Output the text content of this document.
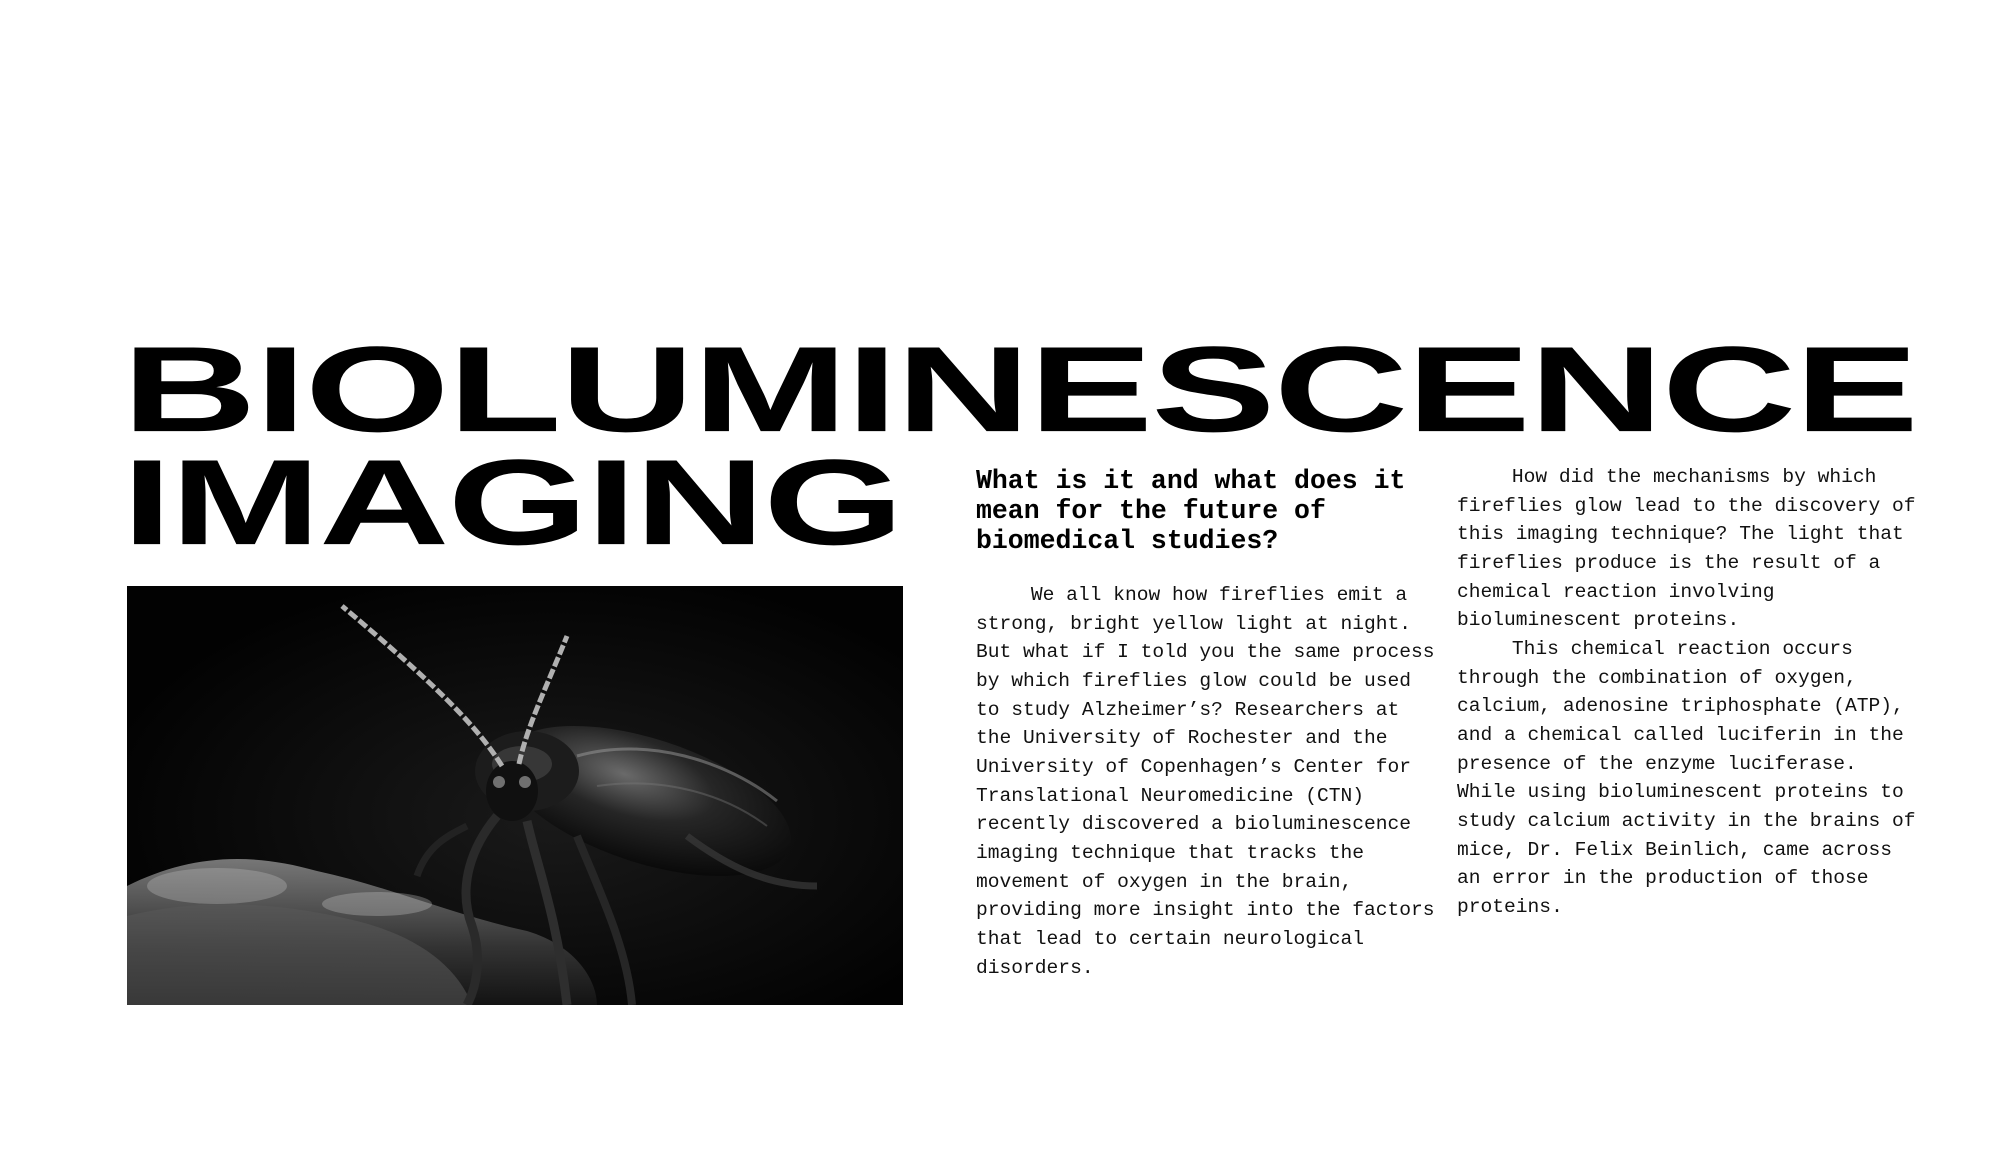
BIOLUMINESCENCE
IMAGING	What is it and what does it mean for the future of biomedical studies?

We all know how fireflies emit a strong, bright yellow light at night. But what if I told you the same process by which fireflies glow could be used to study Alzheimer’s? Researchers at the University of Rochester and the University of Copenhagen’s Center for Translational Neuromedicine (CTN) recently discovered a bioluminescence imaging technique that tracks the movement of oxygen in the brain, providing more insight into the factors that lead to certain neurological disorders.

How did the mechanisms by which fireflies glow lead to the discovery of this imaging technique? The light that fireflies produce is the result of a chemical reaction involving bioluminescent proteins.

This chemical reaction occurs through the combination of oxygen, calcium, adenosine triphosphate (ATP), and a chemical called luciferin in the presence of the enzyme luciferase. While using bioluminescent proteins to study calcium activity in the brains of mice, Dr. Felix Beinlich, came across an error in the production of those proteins.
